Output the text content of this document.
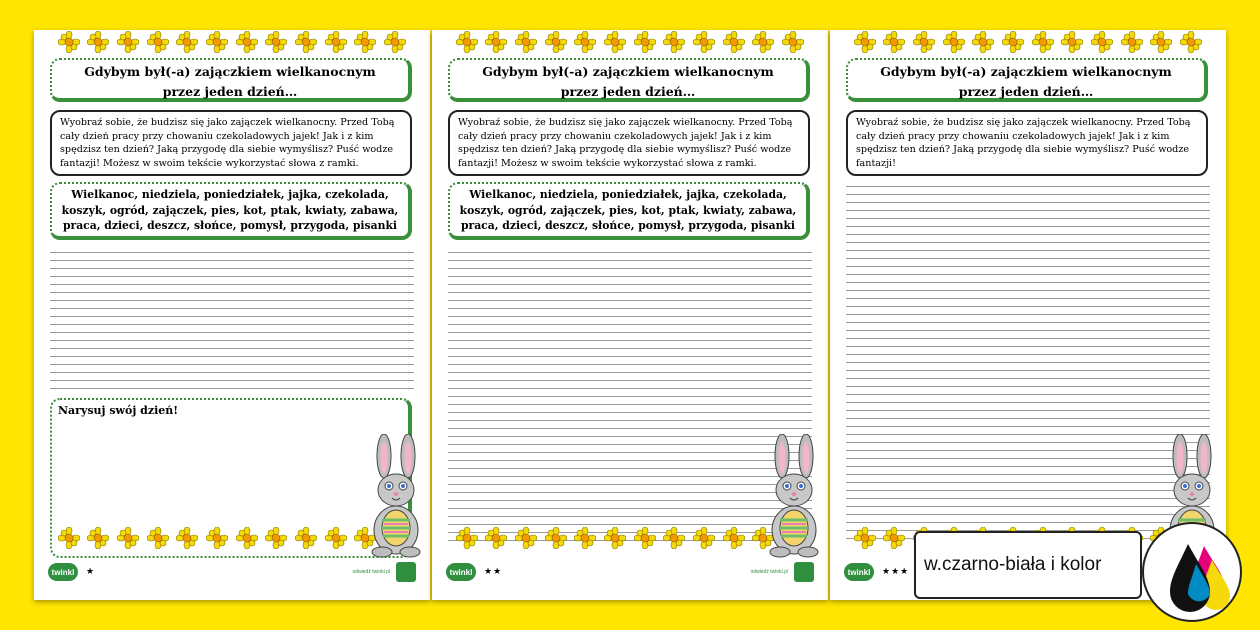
Gdybym był(-a) zajączkiem wielkanocnym
przez jeden dzień…
Wyobraź sobie, że budzisz się jako zajączek wielkanocny. Przed Tobą cały dzień pracy przy chowaniu czekoladowych jajek! Jak i z kim spędzisz ten dzień? Jaką przygodę dla siebie wymyślisz? Puść wodze fantazji! Możesz w swoim tekście wykorzystać słowa z ramki.
Wielkanoc, niedziela, poniedziałek, jajka, czekolada, koszyk, ogród, zajączek, pies, kot, ptak, kwiaty, zabawa, praca, dzieci, deszcz, słońce, pomysł, przygoda, pisanki
Narysuj swój dzień!
twinkl	★	odwiedź twinkl.pl
Gdybym był(-a) zajączkiem wielkanocnym
przez jeden dzień…
Wyobraź sobie, że budzisz się jako zajączek wielkanocny. Przed Tobą cały dzień pracy przy chowaniu czekoladowych jajek! Jak i z kim spędzisz ten dzień? Jaką przygodę dla siebie wymyślisz? Puść wodze fantazji! Możesz w swoim tekście wykorzystać słowa z ramki.
Wielkanoc, niedziela, poniedziałek, jajka, czekolada, koszyk, ogród, zajączek, pies, kot, ptak, kwiaty, zabawa, praca, dzieci, deszcz, słońce, pomysł, przygoda, pisanki
twinkl	★★	odwiedź twinkl.pl
Gdybym był(-a) zajączkiem wielkanocnym
przez jeden dzień…
Wyobraź sobie, że budzisz się jako zajączek wielkanocny. Przed Tobą cały dzień pracy przy chowaniu czekoladowych jajek! Jak i z kim spędzisz ten dzień? Jaką przygodę dla siebie wymyślisz? Puść wodze fantazji!
twinkl	★★★ w.czarno-biała i kolor
